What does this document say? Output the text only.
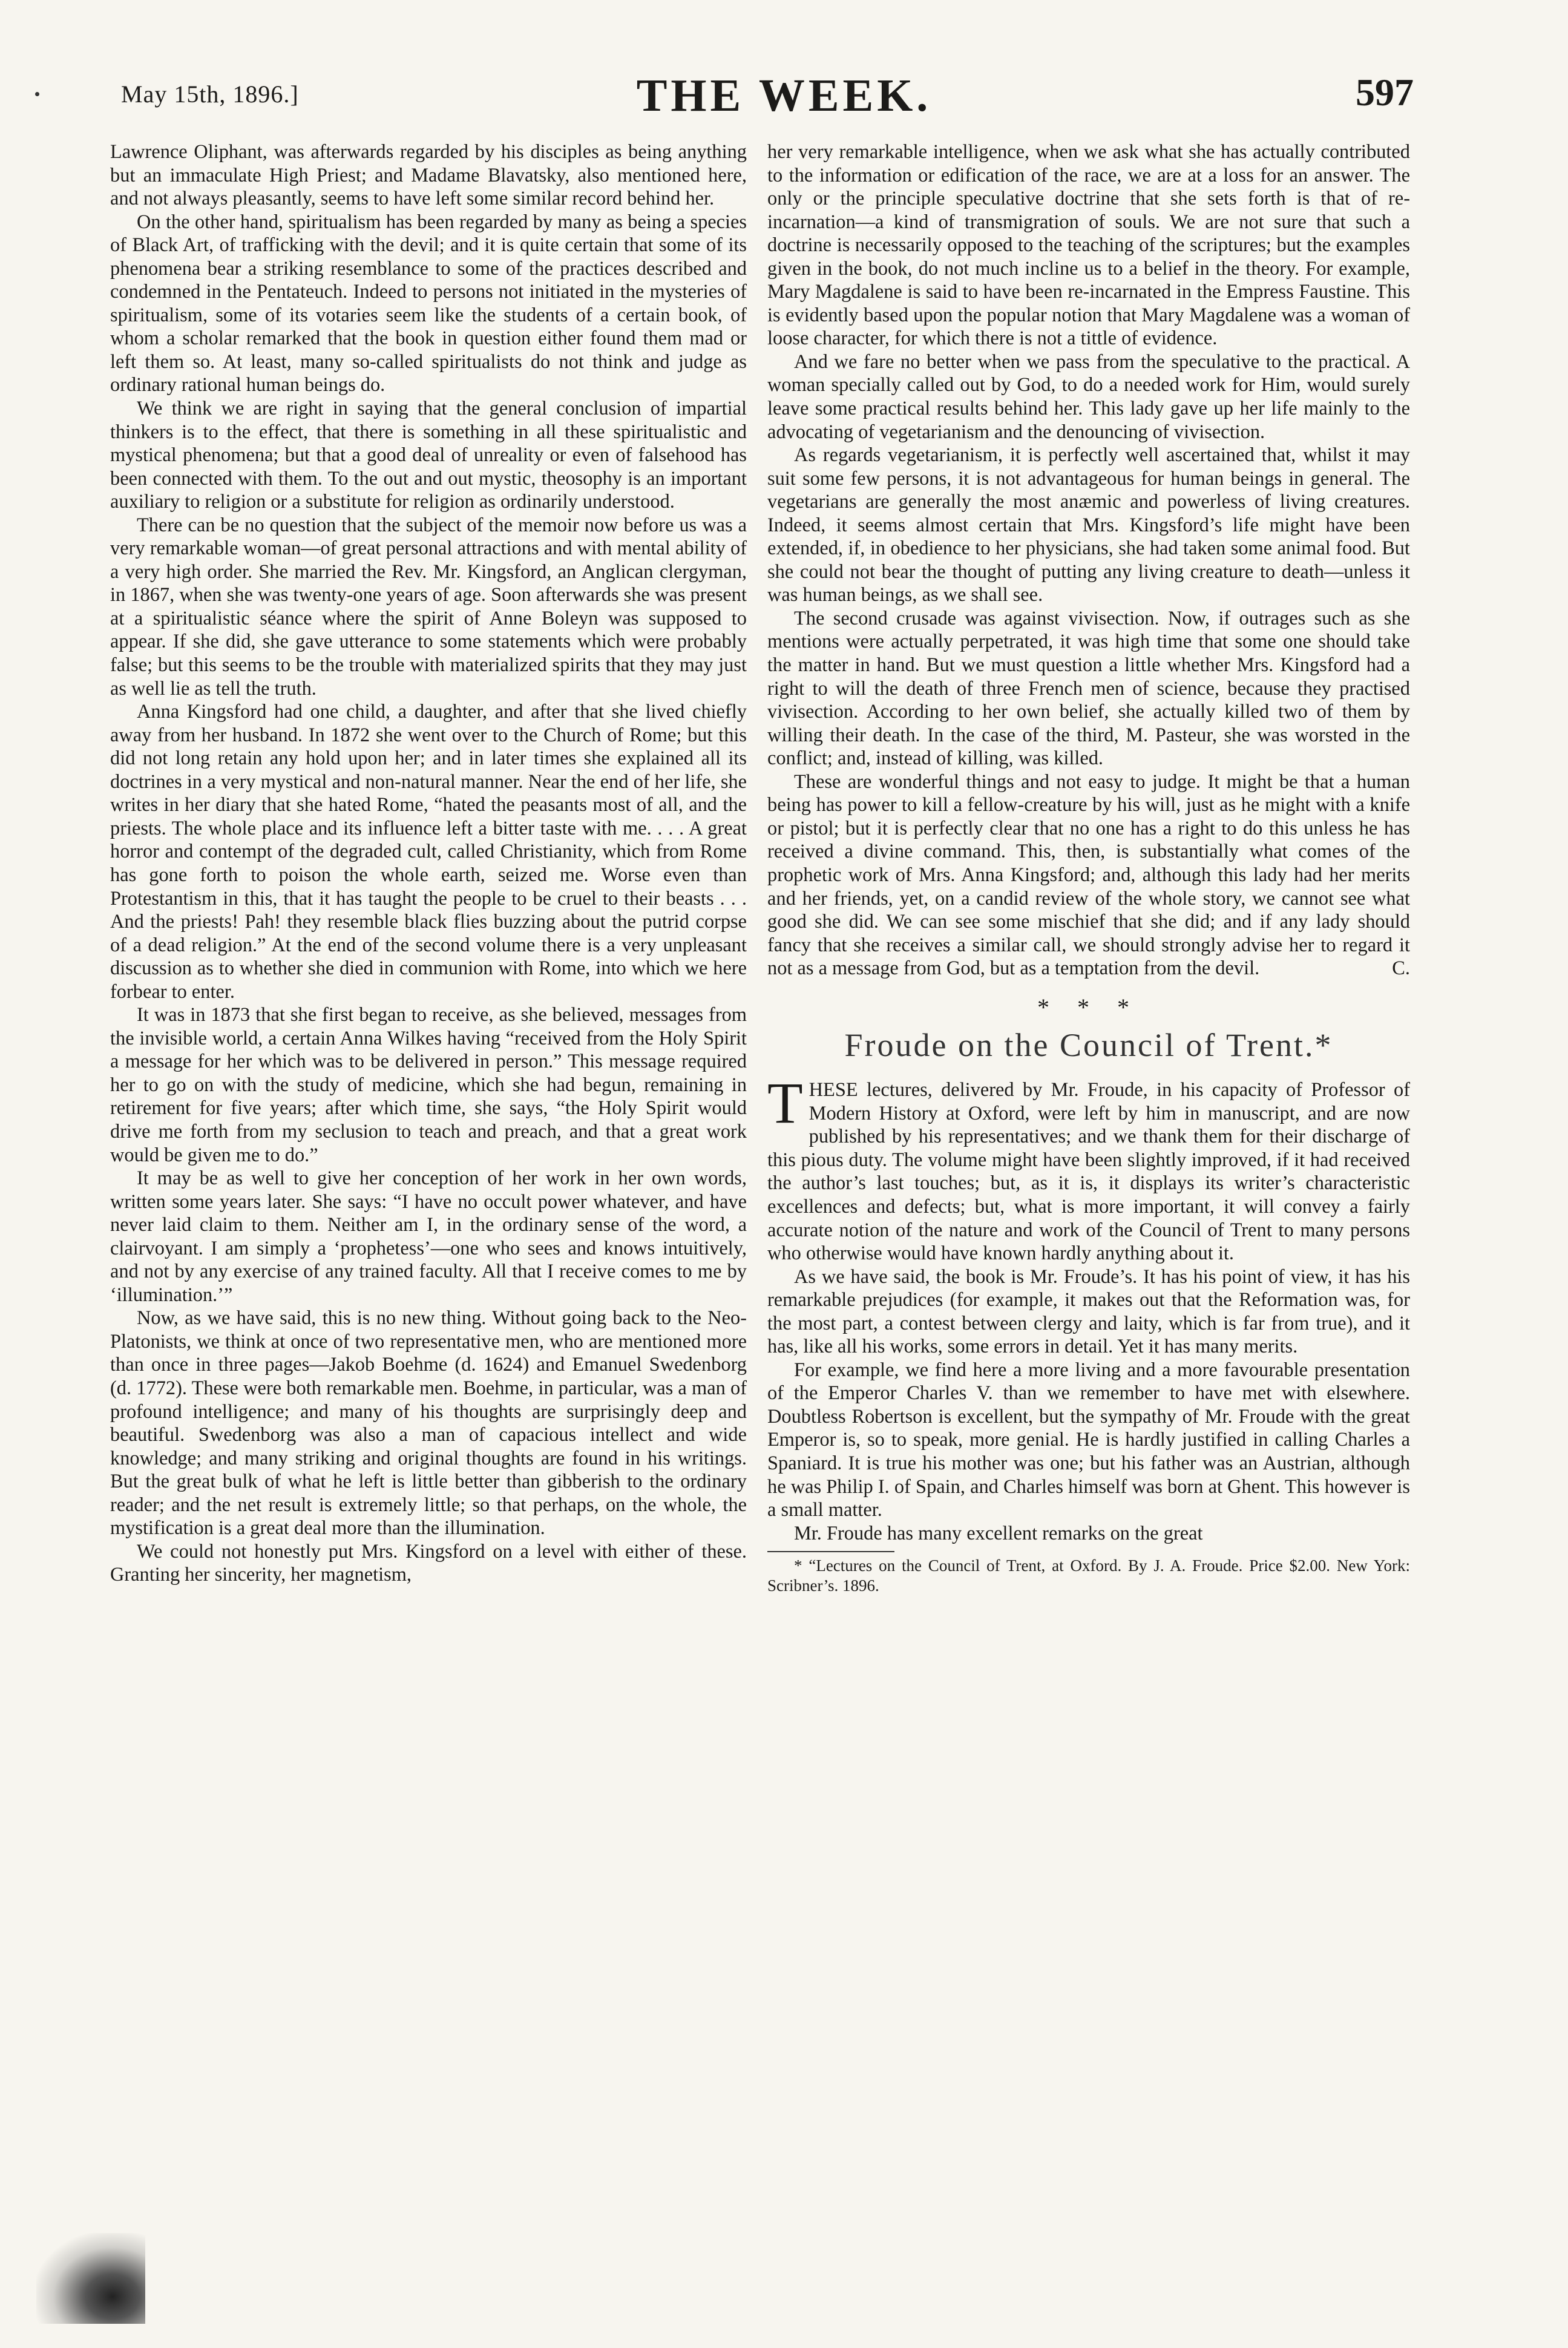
May 15th, 1896.]	THE WEEK.	597

Lawrence Oliphant, was afterwards regarded by his disciples as being anything but an immaculate High Priest; and Madame Blavatsky, also mentioned here, and not always pleasantly, seems to have left some similar record behind her.

On the other hand, spiritualism has been regarded by many as being a species of Black Art, of trafficking with the devil; and it is quite certain that some of its phenomena bear a striking resemblance to some of the practices described and condemned in the Pentateuch. Indeed to persons not initiated in the mysteries of spiritualism, some of its votaries seem like the students of a certain book, of whom a scholar remarked that the book in question either found them mad or left them so. At least, many so-called spiritualists do not think and judge as ordinary rational human beings do.

We think we are right in saying that the general conclusion of impartial thinkers is to the effect, that there is something in all these spiritualistic and mystical phenomena; but that a good deal of unreality or even of falsehood has been connected with them. To the out and out mystic, theosophy is an important auxiliary to religion or a substitute for religion as ordinarily understood.

There can be no question that the subject of the memoir now before us was a very remarkable woman—of great personal attractions and with mental ability of a very high order. She married the Rev. Mr. Kingsford, an Anglican clergyman, in 1867, when she was twenty-one years of age. Soon afterwards she was present at a spiritualistic séance where the spirit of Anne Boleyn was supposed to appear. If she did, she gave utterance to some statements which were probably false; but this seems to be the trouble with materialized spirits that they may just as well lie as tell the truth.

Anna Kingsford had one child, a daughter, and after that she lived chiefly away from her husband. In 1872 she went over to the Church of Rome; but this did not long retain any hold upon her; and in later times she explained all its doctrines in a very mystical and non-natural manner. Near the end of her life, she writes in her diary that she hated Rome, “hated the peasants most of all, and the priests. The whole place and its influence left a bitter taste with me. . . . A great horror and contempt of the degraded cult, called Christianity, which from Rome has gone forth to poison the whole earth, seized me. Worse even than Protestantism in this, that it has taught the people to be cruel to their beasts . . . And the priests! Pah! they resemble black flies buzzing about the putrid corpse of a dead religion.” At the end of the second volume there is a very unpleasant discussion as to whether she died in communion with Rome, into which we here forbear to enter.

It was in 1873 that she first began to receive, as she believed, messages from the invisible world, a certain Anna Wilkes having “received from the Holy Spirit a message for her which was to be delivered in person.” This message required her to go on with the study of medicine, which she had begun, remaining in retirement for five years; after which time, she says, “the Holy Spirit would drive me forth from my seclusion to teach and preach, and that a great work would be given me to do.”

It may be as well to give her conception of her work in her own words, written some years later. She says: “I have no occult power whatever, and have never laid claim to them. Neither am I, in the ordinary sense of the word, a clairvoyant. I am simply a ‘prophetess’—one who sees and knows intuitively, and not by any exercise of any trained faculty. All that I receive comes to me by ‘illumination.’”

Now, as we have said, this is no new thing. Without going back to the Neo-Platonists, we think at once of two representative men, who are mentioned more than once in three pages—Jakob Boehme (d. 1624) and Emanuel Swedenborg (d. 1772). These were both remarkable men. Boehme, in particular, was a man of profound intelligence; and many of his thoughts are surprisingly deep and beautiful. Swedenborg was also a man of capacious intellect and wide knowledge; and many striking and original thoughts are found in his writings. But the great bulk of what he left is little better than gibberish to the ordinary reader; and the net result is extremely little; so that perhaps, on the whole, the mystification is a great deal more than the illumination.

We could not honestly put Mrs. Kingsford on a level with either of these. Granting her sincerity, her magnetism,

her very remarkable intelligence, when we ask what she has actually contributed to the information or edification of the race, we are at a loss for an answer. The only or the principle speculative doctrine that she sets forth is that of re-incarnation—a kind of transmigration of souls. We are not sure that such a doctrine is necessarily opposed to the teaching of the scriptures; but the examples given in the book, do not much incline us to a belief in the theory. For example, Mary Magdalene is said to have been re-incarnated in the Empress Faustine. This is evidently based upon the popular notion that Mary Magdalene was a woman of loose character, for which there is not a tittle of evidence.

And we fare no better when we pass from the speculative to the practical. A woman specially called out by God, to do a needed work for Him, would surely leave some practical results behind her. This lady gave up her life mainly to the advocating of vegetarianism and the denouncing of vivisection.

As regards vegetarianism, it is perfectly well ascertained that, whilst it may suit some few persons, it is not advantageous for human beings in general. The vegetarians are generally the most anæmic and powerless of living creatures. Indeed, it seems almost certain that Mrs. Kingsford’s life might have been extended, if, in obedience to her physicians, she had taken some animal food. But she could not bear the thought of putting any living creature to death—unless it was human beings, as we shall see.

The second crusade was against vivisection. Now, if outrages such as she mentions were actually perpetrated, it was high time that some one should take the matter in hand. But we must question a little whether Mrs. Kingsford had a right to will the death of three French men of science, because they practised vivisection. According to her own belief, she actually killed two of them by willing their death. In the case of the third, M. Pasteur, she was worsted in the conflict; and, instead of killing, was killed.

These are wonderful things and not easy to judge. It might be that a human being has power to kill a fellow-creature by his will, just as he might with a knife or pistol; but it is perfectly clear that no one has a right to do this unless he has received a divine command. This, then, is substantially what comes of the prophetic work of Mrs. Anna Kingsford; and, although this lady had her merits and her friends, yet, on a candid review of the whole story, we cannot see what good she did. We can see some mischief that she did; and if any lady should fancy that she receives a similar call, we should strongly advise her to regard it not as a message from God, but as a temptation from the devil.	C.

* * *
Froude on the Council of Trent.*

THESE lectures, delivered by Mr. Froude, in his capacity of Professor of Modern History at Oxford, were left by him in manuscript, and are now published by his representatives; and we thank them for their discharge of this pious duty. The volume might have been slightly improved, if it had received the author’s last touches; but, as it is, it displays its writer’s characteristic excellences and defects; but, what is more important, it will convey a fairly accurate notion of the nature and work of the Council of Trent to many persons who otherwise would have known hardly anything about it.

As we have said, the book is Mr. Froude’s. It has his point of view, it has his remarkable prejudices (for example, it makes out that the Reformation was, for the most part, a contest between clergy and laity, which is far from true), and it has, like all his works, some errors in detail. Yet it has many merits.

For example, we find here a more living and a more favourable presentation of the Emperor Charles V. than we remember to have met with elsewhere. Doubtless Robertson is excellent, but the sympathy of Mr. Froude with the great Emperor is, so to speak, more genial. He is hardly justified in calling Charles a Spaniard. It is true his mother was one; but his father was an Austrian, although he was Philip I. of Spain, and Charles himself was born at Ghent. This however is a small matter.

Mr. Froude has many excellent remarks on the great

* “Lectures on the Council of Trent, at Oxford. By J. A. Froude. Price $2.00. New York: Scribner’s. 1896.
